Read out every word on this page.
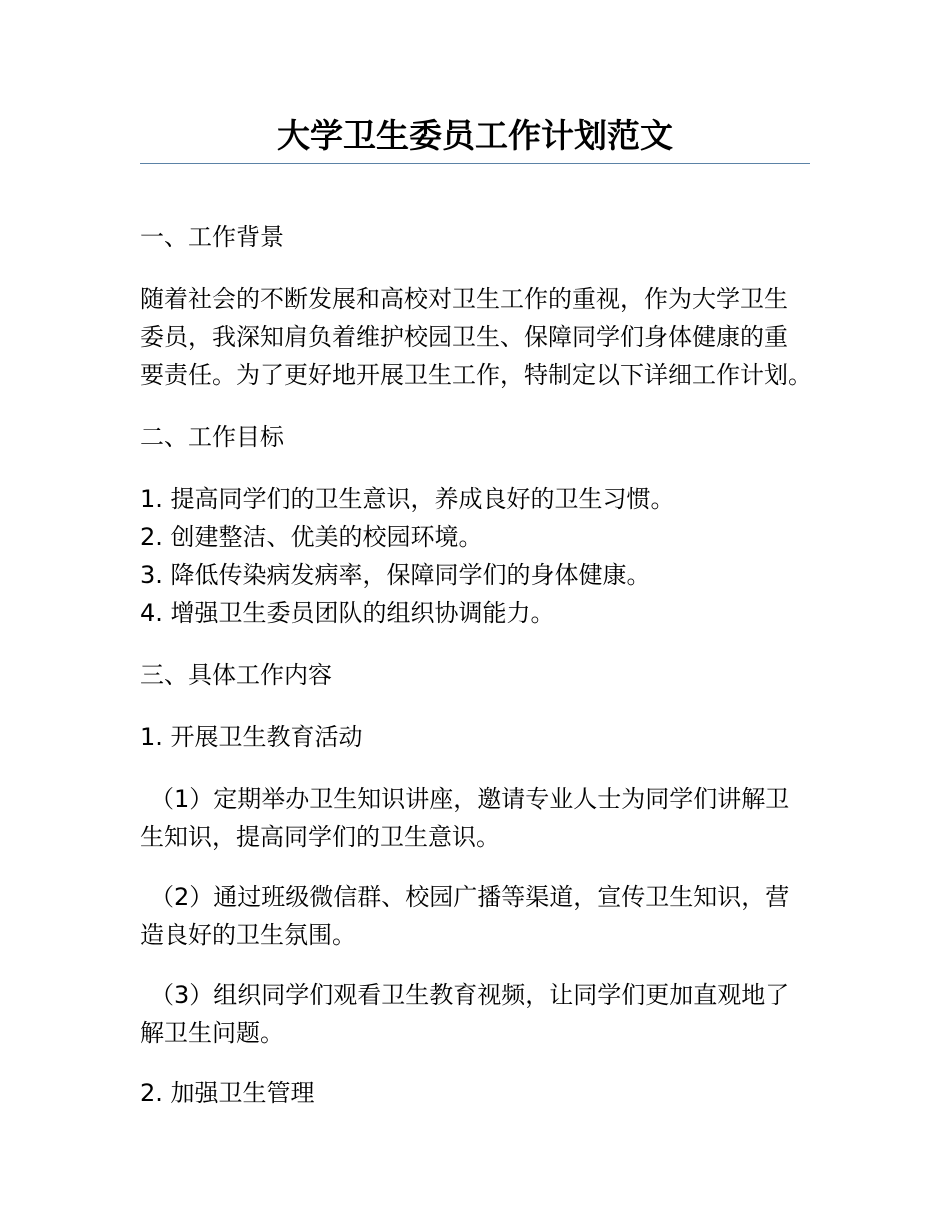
大学卫生委员工作计划范文

一、工作背景

随着社会的不断发展和高校对卫生工作的重视，作为大学卫生

委员，我深知肩负着维护校园卫生、保障同学们身体健康的重

要责任。为了更好地开展卫生工作，特制定以下详细工作计划。

二、工作目标

1. 提高同学们的卫生意识，养成良好的卫生习惯。

2. 创建整洁、优美的校园环境。

3. 降低传染病发病率，保障同学们的身体健康。

4. 增强卫生委员团队的组织协调能力。

三、具体工作内容

1. 开展卫生教育活动

（1）定期举办卫生知识讲座，邀请专业人士为同学们讲解卫

生知识，提高同学们的卫生意识。

（2）通过班级微信群、校园广播等渠道，宣传卫生知识，营

造良好的卫生氛围。

（3）组织同学们观看卫生教育视频，让同学们更加直观地了

解卫生问题。

2. 加强卫生管理
